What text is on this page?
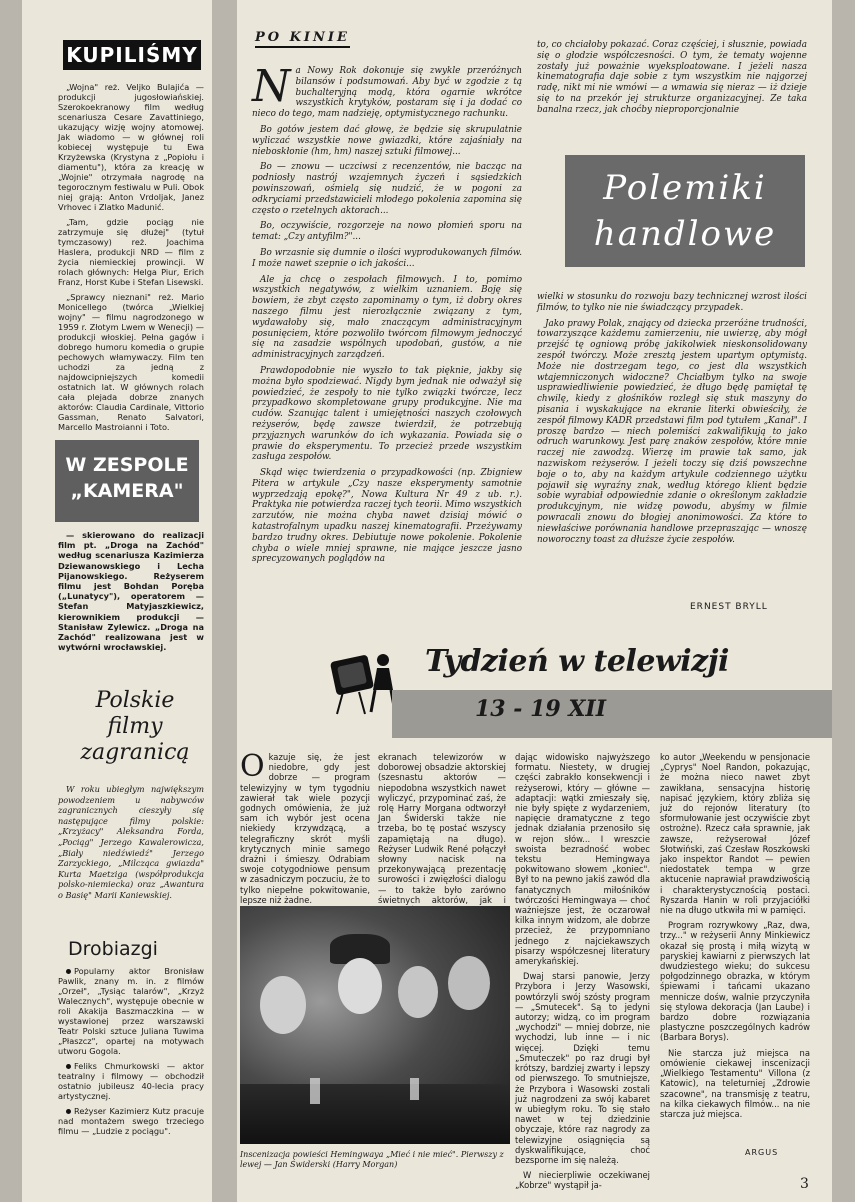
KUPILIŚMY

„Wojna" reż. Veljko Bulajića — produkcji jugosłowiańskiej. Szerokoekranowy film według scenariusza Cesare Zavattiniego, ukazujący wizję wojny atomowej. Jak wiadomo — w głównej roli kobiecej występuje tu Ewa Krzyżewska (Krystyna z „Popiołu i diamentu"), która za kreację w „Wojnie" otrzymała nagrodę na tegorocznym festiwalu w Puli. Obok niej grają: Anton Vrdoljak, Janez Vrhovec i Zlatko Madunić.

„Tam, gdzie pociąg nie zatrzymuje się dłużej" (tytuł tymczasowy) reż. Joachima Haslera, produkcji NRD — film z życia niemieckiej prowincji. W rolach głównych: Helga Piur, Erich Franz, Horst Kube i Stefan Lisewski.

„Sprawcy nieznani" reż. Mario Monicellego (twórca „Wielkiej wojny" — filmu nagrodzonego w 1959 r. Złotym Lwem w Wenecji) — produkcji włoskiej. Pełna gagów i dobrego humoru komedia o grupie pechowych włamywaczy. Film ten uchodzi za jedną z najdowcipniejszych komedii ostatnich lat. W głównych rolach cała plejada dobrze znanych aktorów: Claudia Cardinale, Vittorio Gassman, Renato Salvatori, Marcello Mastroianni i Toto.

W ZESPOLE „KAMERA"

— skierowano do realizacji film pt. „Droga na Zachód" według scenariusza Kazimierza Dziewanowskiego i Lecha Pijanowskiego. Reżyserem filmu jest Bohdan Poręba („Lunatycy"), operatorem — Stefan Matyjaszkiewicz, kierownikiem produkcji — Stanisław Zylewicz. „Droga na Zachód" realizowana jest w wytwórni wrocławskiej.

Polskie filmy zagranicą

W roku ubiegłym największym powodzeniem u nabywców zagranicznych cieszyły się następujące filmy polskie: „Krzyżacy" Aleksandra Forda, „Pociąg" Jerzego Kawalerowicza, „Biały niedźwiedź" Jerzego Zarzyckiego, „Milcząca gwiazda" Kurta Maetziga (współprodukcja polsko-niemiecka) oraz „Awantura o Basię" Marii Kaniewskiej.

Drobiazgi

Popularny aktor Bronisław Pawlik, znany m. in. z filmów „Orzeł", „Tysiąc talarów", „Krzyż Walecznych", występuje obecnie w roli Akakija Baszmaczkina — w wystawionej przez warszawski Teatr Polski sztuce Juliana Tuwima „Płaszcz", opartej na motywach utworu Gogola.

Feliks Chmurkowski — aktor teatralny i filmowy — obchodził ostatnio jubileusz 40-lecia pracy artystycznej.

Reżyser Kazimierz Kutz pracuje nad montażem swego trzeciego filmu — „Ludzie z pociągu".

PO KINIE

Na Nowy Rok dokonuje się zwykle przeróżnych bilansów i podsumowań. Aby być w zgodzie z tą buchalteryjną modą, która ogarnie wkrótce wszystkich krytyków, postaram się i ja dodać co nieco do tego, mam nadzieję, optymistycznego rachunku.

Bo gotów jestem dać głowę, że będzie się skrupulatnie wyliczać wszystkie nowe gwiazdki, które zajaśniały na nieboskłonie (hm, hm) naszej sztuki filmowej...

Bo — znowu — uczciwsi z recenzentów, nie bacząc na podniosły nastrój wzajemnych życzeń i sąsiedzkich powinszowań, ośmielą się nudzić, że w pogoni za odkryciami przedstawicieli młodego pokolenia zapomina się często o rzetelnych aktorach...

Bo, oczywiście, rozgorzeje na nowo płomień sporu na temat: „Czy antyfilm?"...

Bo wrzasnie się dumnie o ilości wyprodukowanych filmów. I może nawet szepnie o ich jakości...

Ale ja chcę o zespołach filmowych. I to, pomimo wszystkich negatywów, z wielkim uznaniem. Boję się bowiem, że zbyt często zapominamy o tym, iż dobry okres naszego filmu jest nierozłącznie związany z tym, wydawałoby się, mało znaczącym administracyjnym posunięciem, które pozwoliło twórcom filmowym jednoczyć się na zasadzie wspólnych upodobań, gustów, a nie administracyjnych zarządzeń.

Prawdopodobnie nie wyszło to tak pięknie, jakby się można było spodziewać. Nigdy bym jednak nie odważył się powiedzieć, że zespoły to nie tylko związki twórcze, lecz przypadkowo skompletowane grupy produkcyjne. Nie ma cudów. Szanując talent i umiejętności naszych czołowych reżyserów, będę zawsze twierdził, że potrzebują przyjaznych warunków do ich wykazania. Powiada się o prawie do eksperymentu. To przecież przede wszystkim zasługa zespołów.

Skąd więc twierdzenia o przypadkowości (np. Zbigniew Pitera w artykule „Czy nasze eksperymenty samotnie wyprzedzają epokę?", Nowa Kultura Nr 49 z ub. r.). Praktyka nie potwierdza raczej tych teorii. Mimo wszystkich zarzutów, nie można chyba nawet dzisiaj mówić o katastrofalnym upadku naszej kinematografii. Przeżywamy bardzo trudny okres. Debiutuje nowe pokolenie. Pokolenie chyba o wiele mniej sprawne, nie mające jeszcze jasno sprecyzowanych poglądów na

to, co chciałoby pokazać. Coraz częściej, i słusznie, powiada się o głodzie współczesności. O tym, że tematy wojenne zostały już poważnie wyeksploatowane. I jeżeli nasza kinematografia daje sobie z tym wszystkim nie najgorzej radę, nikt mi nie wmówi — a wmawia się nieraz — iż dzieje się to na przekór jej strukturze organizacyjnej. Ze taka banalna rzecz, jak choćby nieproporcjonalnie

Polemiki handlowe

wielki w stosunku do rozwoju bazy technicznej wzrost ilości filmów, to tylko nie nie świadczący przypadek.

Jako prawy Polak, znający od dziecka przeróżne trudności, towarzyszące każdemu zamierzeniu, nie uwierzę, aby mógł przejść tę ogniową próbę jakikolwiek nieskonsolidowany zespół twórczy. Może zresztą jestem upartym optymistą. Może nie dostrzegam tego, co jest dla wszystkich wtajemniczonych widoczne? Chciałbym tylko na swoje usprawiedliwienie powiedzieć, że długo będę pamiętał tę chwilę, kiedy z głośników rozległ się stuk maszyny do pisania i wyskakujące na ekranie literki obwieściły, że zespół filmowy KADR przedstawi film pod tytułem „Kanał". I proszę bardzo — niech polemiści zakwalifikują to jako odruch warunkowy. Jest parę znaków zespołów, które mnie raczej nie zawodzą. Wierzę im prawie tak samo, jak nazwiskom reżyserów. I jeżeli toczy się dziś powszechne boje o to, aby na każdym artykule codziennego użytku pojawił się wyraźny znak, według którego klient będzie sobie wyrabiał odpowiednie zdanie o określonym zakładzie produkcyjnym, nie widzę powodu, abyśmy w filmie powracali znowu do błogiej anonimowości. Za które to niewłaściwe porównania handlowe przepraszając — wnoszę noworoczny toast za dłuższe życie zespołów.

ERNEST BRYLL
Tydzień w telewizji
13 - 19 XII

Okazuje się, że jest niedobre, gdy jest dobrze — program telewizyjny w tym tygodniu zawierał tak wiele pozycji godnych omówienia, że już sam ich wybór jest ocena niekiedy krzywdzącą, a telegraficzny skrót myśli krytycznych minie samego drażni i śmieszy. Odrabiam swoje cotygodniowe pensum w zasadniczym poczuciu, że to tylko niepełne pokwitowanie, lepsze niż żadne.

ekranach telewizorów w doborowej obsadzie aktorskiej (szesnastu aktorów — niepodobna wszystkich nawet wyliczyć, przypominać zaś, że rolę Harry Morgana odtworzył Jan Świderski także nie trzeba, bo tę postać wszyscy zapamiętają na długo). Reżyser Ludwik René połączył słowny nacisk na przekonywającą prezentację surowości i zwięzłości dialogu — to także było zarówno świetnych aktorów, jak i

dając widowisko najwyższego formatu. Niestety, w drugiej części zabrakło konsekwencji i reżyserowi, który — główne — adaptacji: wątki zmieszały się, nie były spięte z wydarzeniem, napięcie dramatyczne z tego jednak działania przenosiło się w rejon słów... I wreszcie swoista bezradność wobec tekstu Hemingwaya pokwitowano słowem „koniec". Był to na pewno jakiś zawód dla fanatycznych miłośników twórczości Hemingwaya — choć ważniejsze jest, że oczarował kilka innym widzom, ale dobrze przecież, że przypomniano jednego z najciekawszych pisarzy współczesnej literatury amerykańskiej.

Dwaj starsi panowie, Jerzy Przybora i Jerzy Wasowski, powtórzyli swój szósty program — „Smutecek". Są to jedyni autorzy; widzą, co im program „wychodzi" — mniej dobrze, nie wychodzi, lub inne — i nic więcej. Dzięki temu „Smuteczek" po raz drugi był krótszy, bardziej zwarty i lepszy od pierwszego. To smutniejsze, że Przybora i Wasowski zostali już nagrodzeni za swój kabaret w ubiegłym roku. To się stało nawet w tej dziedzinie obyczaje, które raz nagrody za telewizyjne osiągnięcia są dyskwalifikujące, choć bezsporne im się należą.

W niecierpliwie oczekiwanej „Kobrze" wystąpił ja-

ko autor „Weekendu w pensjonacie „Cyprys" Noel Randon, pokazując, że można nieco nawet zbyt zawikłana, sensacyjna historię napisać językiem, który zbliża się już do rejonów literatury (to sformułowanie jest oczywiście zbyt ostrożne). Rzecz cała sprawnie, jak zawsze, reżyserował Józef Słotwiński, zaś Czesław Roszkowski jako inspektor Randot — pewien niedostatek tempa w grze aktucenie naprawiał prawdziwością i charakterystycznością postaci. Ryszarda Hanin w roli przyjaciółki nie na długo utkwiła mi w pamięci.

Program rozrywkowy „Raz, dwa, trzy..." w reżyserii Anny Minkiewicz okazał się prostą i miłą wizytą w paryskiej kawiarni z pierwszych lat dwudziestego wieku; do sukcesu połgodzinnego obrazka, w którym śpiewami i tańcami ukazano mennicze dośw, walnie przyczyniła się stylowa dekoracja (Jan Laube) i bardzo dobre rozwiązania plastyczne poszczególnych kadrów (Barbara Borys).

Nie starcza już miejsca na omówienie ciekawej inscenizacji „Wielkiego Testamentu" Villona (z Katowic), na teleturniej „Zdrowie szacowne", na transmisję z teatru, na kilka ciekawych filmów... na nie starcza już miejsca.

ARGUS
Inscenizacja powieści Hemingwaya „Mieć i nie mieć". Pierwszy z lewej — Jan Świderski (Harry Morgan)
3
